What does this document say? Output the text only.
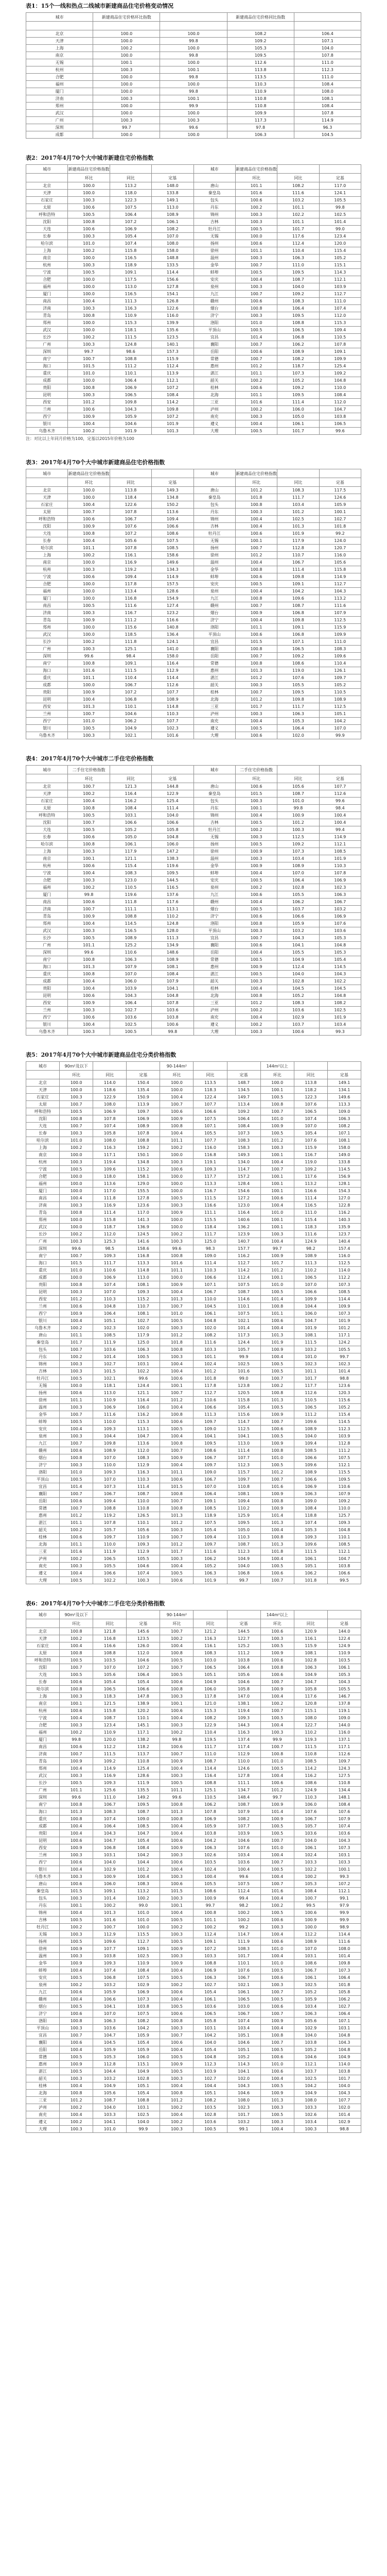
表1：15个一线和热点二线城市新建商品住宅价格变动情况
城市	新建商品住宅价格环比指数		新建商品住宅价格同比指数	

北京	100.0	100.0	108.2	106.4
天津	100.0	99.8	109.2	107.1
上海	100.2	100.0	105.3	104.0
南京	100.0	99.8	109.5	107.8
无锡	100.1	100.0	112.6	111.0
杭州	100.3	100.1	113.8	112.3
合肥	100.0	99.8	113.5	111.0
福州	100.0	100.0	110.3	108.4
厦门	100.0	99.8	110.9	108.0
济南	100.3	100.1	110.8	108.1
郑州	100.0	99.9	110.8	108.4
武汉	100.0	100.0	109.9	107.8
广州	100.3	100.3	117.3	114.9
深圳	99.7	99.6	97.8	96.3
成都	100.0	100.0	106.3	104.5
表2：2017年4月70个大中城市新建住宅价格指数
城市	新建商品住宅价格指数			城市	新建商品住宅价格指数		
	环比	同比	定基		环比	同比	定基
北京	100.0	113.2	148.0	唐山	101.1	108.2	117.0
天津	100.0	118.0	133.8	秦皇岛	101.6	111.6	124.1
石家庄	100.3	122.3	149.1	包头	100.6	103.2	105.5
太原	100.6	107.5	113.0	丹东	100.2	101.1	99.8
呼和浩特	100.5	106.4	108.9	锦州	100.3	102.2	102.5
沈阳	100.8	107.2	106.1	吉林	100.3	101.1	101.4
大连	100.6	106.9	108.2	牡丹江	100.5	101.7	99.0
长春	100.3	105.4	107.0	无锡	100.0	117.6	123.4
哈尔滨	101.0	107.4	108.0	扬州	100.6	112.4	120.0
上海	100.2	115.8	158.0	徐州	101.1	110.4	115.4
南京	100.0	116.5	148.8	温州	100.3	106.3	105.2
杭州	100.3	118.9	133.5	金华	100.7	111.0	115.1
宁波	100.5	109.1	114.4	蚌埠	100.5	109.5	114.3
合肥	100.0	117.5	156.6	安庆	100.4	108.7	112.1
福州	100.0	113.0	127.8	泉州	100.3	104.0	103.9
厦门	100.0	116.5	154.1	九江	100.7	109.2	112.7
南昌	100.4	111.3	126.8	赣州	100.6	108.3	111.0
济南	100.3	116.3	122.6	烟台	100.8	106.4	107.4
青岛	100.8	110.9	116.0	济宁	100.3	109.5	112.0
郑州	100.0	115.3	139.9	洛阳	101.0	108.8	115.3
武汉	100.0	118.1	135.6	平顶山	100.5	106.5	109.4
长沙	100.2	111.5	123.5	宜昌	101.4	106.8	110.5
广州	100.3	124.8	140.1	襄阳	100.7	106.2	107.8
深圳	99.7	98.6	157.3	岳阳	100.6	108.9	109.1
南宁	100.7	108.8	115.9	常德	100.7	108.2	109.9
海口	101.5	111.2	112.4	惠州	101.2	118.7	125.4
重庆	101.0	110.1	113.9	湛江	101.1	107.3	109.2
成都	100.0	106.4	112.1	韶关	100.2	105.2	104.8
贵阳	100.8	106.9	107.2	桂林	100.6	109.2	110.0
昆明	100.3	106.5	108.4	北海	101.1	109.5	108.4
西安	101.2	109.8	114.2	三亚	101.6	111.4	112.0
兰州	100.6	104.3	109.8	泸州	100.2	106.0	104.7
西宁	100.9	105.9	107.2	南充	100.3	105.0	103.8
银川	100.4	104.6	101.9	遵义	100.4	106.1	106.5
乌鲁木齐	100.2	101.9	101.3	大理	100.5	101.7	99.6
注：对比以上年同月价格为100，定基以2015年价格为100
表3：2017年4月70个大中城市新建商品住宅价格指数
城市	新建商品住宅价格指数			城市	新建商品住宅价格指数		
	环比	同比	定基		环比	同比	定基
北京	100.0	113.8	149.3	唐山	101.2	108.3	117.5
天津	100.0	118.4	134.8	秦皇岛	101.8	111.7	124.6
石家庄	100.4	122.6	150.2	包头	100.8	103.4	105.9
太原	100.7	107.8	113.6	丹东	100.3	101.2	100.1
呼和浩特	100.6	106.7	109.4	锦州	100.4	102.5	102.7
沈阳	100.9	107.6	106.6	吉林	100.4	101.3	101.8
大连	100.8	107.2	108.6	牡丹江	100.6	101.9	99.2
长春	100.4	105.6	107.5	无锡	100.1	117.9	124.0
哈尔滨	101.1	107.8	108.5	扬州	100.7	112.8	120.7
上海	100.2	116.1	158.6	徐州	101.2	110.7	116.0
南京	100.0	116.9	149.6	温州	100.4	106.7	105.6
杭州	100.3	119.2	134.3	金华	100.8	111.4	115.8
宁波	100.6	109.4	114.9	蚌埠	100.6	109.8	114.9
合肥	100.0	117.8	157.5	安庆	100.5	109.1	112.7
福州	100.0	113.4	128.6	泉州	100.4	104.2	104.3
厦门	100.0	116.8	154.9	九江	100.8	109.6	113.2
南昌	100.5	111.6	127.4	赣州	100.7	108.7	111.6
济南	100.3	116.7	123.2	烟台	100.9	106.8	107.9
青岛	100.9	111.2	116.6	济宁	100.4	109.8	112.5
郑州	100.0	115.6	140.8	洛阳	101.1	109.1	115.9
武汉	100.0	118.5	136.4	平顶山	100.6	106.8	109.9
长沙	100.2	111.8	124.1	宜昌	101.5	107.1	111.0
广州	100.3	125.1	141.0	襄阳	100.8	106.5	108.3
深圳	99.6	98.4	158.0	岳阳	100.7	109.2	109.6
南宁	100.8	109.1	116.4	常德	100.8	108.6	110.4
海口	101.6	111.5	112.9	惠州	101.3	119.0	126.1
重庆	101.1	110.4	114.4	湛江	101.2	107.6	109.7
成都	100.0	106.7	112.6	韶关	100.3	105.5	105.2
贵阳	100.9	107.2	107.7	桂林	100.7	109.5	110.5
昆明	100.4	106.8	108.9	北海	101.2	109.8	108.9
西安	101.3	110.1	114.8	三亚	101.7	111.7	112.5
兰州	100.7	104.6	110.3	泸州	100.3	106.3	105.1
西宁	101.0	106.2	107.7	南充	100.4	105.3	104.2
银川	100.5	104.9	102.3	遵义	100.5	106.4	107.0
乌鲁木齐	100.3	102.1	101.6	大理	100.6	102.0	99.9
表4：2017年4月70个大中城市二手住宅价格指数
城市	二手住宅价格指数			城市	二手住宅价格指数		
	环比	同比	定基		环比	同比	定基
北京	100.7	121.3	144.8	唐山	100.6	105.6	107.7
天津	100.2	116.4	122.9	秦皇岛	101.5	108.7	112.6
石家庄	100.4	116.2	125.4	包头	100.3	101.0	99.6
太原	100.8	108.4	111.4	丹东	100.1	99.8	98.4
呼和浩特	100.5	103.1	104.0	锦州	100.4	100.9	100.4
沈阳	100.7	106.6	106.6	吉林	100.5	101.2	100.4
大连	100.5	105.2	105.8	牡丹江	100.2	100.3	99.4
长春	100.6	105.0	104.8	无锡	100.3	112.5	114.9
哈尔滨	100.8	106.1	106.0	扬州	100.5	109.2	112.1
上海	100.3	117.9	147.2	徐州	100.9	107.3	108.5
南京	100.1	121.1	138.3	温州	100.3	103.4	101.9
杭州	100.6	115.4	119.6	金华	100.9	108.9	110.3
宁波	100.4	108.3	109.5	蚌埠	100.4	107.0	107.8
合肥	100.3	123.0	144.5	安庆	100.5	106.4	106.9
福州	100.2	110.5	116.5	泉州	100.2	102.8	102.3
厦门	99.8	119.6	137.6	九江	100.6	105.5	106.3
南昌	100.6	111.8	117.6	赣州	100.4	106.2	106.7
济南	100.7	111.1	113.1	烟台	100.5	103.7	103.2
青岛	100.9	108.8	110.2	济宁	100.6	106.6	106.9
郑州	100.4	114.5	124.8	洛阳	100.8	105.9	107.6
武汉	100.3	116.5	128.0	平顶山	100.3	103.2	103.6
长沙	100.5	108.9	111.3	宜昌	100.7	104.3	105.3
广州	101.1	125.2	134.9	襄阳	100.6	104.1	104.8
深圳	99.6	110.6	148.6	岳阳	100.4	105.5	105.3
南宁	100.8	106.3	108.9	常德	100.5	104.9	105.4
海口	101.3	107.9	108.1	惠州	100.9	112.4	114.5
重庆	100.8	107.0	108.4	湛江	100.5	104.0	104.3
成都	100.4	106.0	107.9	韶关	100.3	102.8	102.2
贵阳	100.4	103.9	104.1	桂林	100.4	104.5	104.5
昆明	100.6	104.3	104.8	北海	100.8	105.2	104.8
西安	100.9	106.4	107.8	三亚	101.2	108.3	108.2
兰州	100.3	102.7	103.6	泸州	100.2	103.6	102.5
西宁	100.6	103.6	103.8	南充	100.4	102.9	101.9
银川	100.4	102.5	100.6	遵义	100.2	103.7	103.4
乌鲁木齐	100.3	100.5	99.8	大理	100.3	100.6	99.3
表5：2017年4月70个大中城市新建商品住宅分类价格指数
城市	90m²及以下			90-144m²			144m²以上		
	环比	同比	定基	环比	同比	定基	环比	同比	定基
北京	100.0	114.0	150.4	100.0	113.5	148.7	100.0	113.8	149.1
天津	100.0	118.6	135.4	100.0	118.3	134.5	100.1	118.2	134.1
石家庄	100.3	122.9	150.9	100.4	122.4	149.7	100.5	122.3	149.6
太原	100.7	108.0	113.9	100.7	107.7	113.4	100.8	107.6	113.3
呼和浩特	100.5	106.9	109.7	100.6	106.6	109.2	100.7	106.5	109.0
沈阳	100.8	107.8	106.9	100.9	107.5	106.4	101.0	107.4	106.3
大连	100.7	107.4	108.9	100.8	107.1	108.4	100.9	107.0	108.2
长春	100.3	105.8	107.8	100.4	105.5	107.3	100.5	105.4	107.1
哈尔滨	101.0	108.0	108.8	101.1	107.7	108.3	101.2	107.6	108.1
上海	100.2	116.3	159.2	100.2	116.0	158.3	100.3	115.9	158.0
南京	100.0	117.1	150.1	100.0	116.8	149.3	100.1	116.7	149.0
杭州	100.3	119.4	134.8	100.3	119.1	134.0	100.4	119.0	133.8
宁波	100.5	109.6	115.2	100.6	109.3	114.7	100.7	109.2	114.5
合肥	100.0	118.0	158.1	100.0	117.7	157.2	100.1	117.6	156.9
福州	100.0	113.6	129.0	100.0	113.3	128.4	100.1	113.2	128.1
厦门	100.0	117.0	155.5	100.0	116.7	154.6	100.1	116.6	154.3
南昌	100.4	111.8	127.8	100.5	111.5	127.2	100.6	111.4	127.0
济南	100.3	116.9	123.6	100.3	116.6	123.0	100.4	116.5	122.8
青岛	100.8	111.4	117.0	100.9	111.1	116.4	101.0	111.0	116.2
郑州	100.0	115.8	141.3	100.0	115.5	140.6	100.1	115.4	140.3
武汉	100.0	118.7	136.9	100.0	118.4	136.2	100.1	118.3	135.9
长沙	100.2	112.0	124.5	100.2	111.7	123.9	100.3	111.6	123.7
广州	100.3	125.3	141.6	100.3	125.0	140.7	100.4	124.9	140.4
深圳	99.6	98.5	158.6	99.6	98.3	157.7	99.7	98.2	157.4
南宁	100.7	109.3	116.8	100.8	109.0	116.2	100.9	108.9	116.0
海口	101.5	111.7	113.3	101.6	111.4	112.7	101.7	111.3	112.5
重庆	101.0	110.6	114.8	101.1	110.3	114.2	101.2	110.2	114.0
成都	100.0	106.9	113.0	100.0	106.6	112.4	100.1	106.5	112.2
贵阳	100.8	107.4	108.1	100.9	107.1	107.5	101.0	107.0	107.3
昆明	100.3	107.0	109.3	100.4	106.7	108.7	100.5	106.6	108.5
西安	101.2	110.3	115.2	101.3	110.0	114.6	101.4	109.9	114.4
兰州	100.6	104.8	110.7	100.7	104.5	110.1	100.8	104.4	109.9
西宁	100.9	106.4	108.1	101.0	106.1	107.5	101.1	106.0	107.3
银川	100.4	105.1	102.7	100.5	104.8	102.1	100.6	104.7	101.9
乌鲁木齐	100.2	102.3	102.0	100.3	102.0	101.4	100.4	101.9	101.2
唐山	101.1	108.5	117.9	101.2	108.2	117.3	101.3	108.1	117.1
秦皇岛	101.7	111.9	125.0	101.8	111.6	124.4	101.9	111.5	124.2
包头	100.7	103.6	106.3	100.8	103.3	105.7	100.9	103.2	105.5
丹东	100.2	101.4	100.5	100.3	101.1	99.9	100.4	101.0	99.7
锦州	100.3	102.7	103.1	100.4	102.4	102.5	100.5	102.3	102.3
吉林	100.3	101.5	102.2	100.4	101.2	101.6	100.5	101.1	101.4
牡丹江	100.5	102.1	99.6	100.6	101.8	99.0	100.7	101.7	98.8
无锡	100.0	118.1	124.4	100.1	117.8	123.8	100.2	117.7	123.6
扬州	100.6	113.0	121.1	100.7	112.7	120.5	100.8	112.6	120.3
徐州	101.1	110.9	116.4	101.2	110.6	115.8	101.3	110.5	115.6
温州	100.3	106.9	106.0	100.4	106.6	105.4	100.5	106.5	105.2
金华	100.7	111.6	116.2	100.8	111.3	115.6	100.9	111.2	115.4
蚌埠	100.5	110.0	115.3	100.6	109.7	114.7	100.7	109.6	114.5
安庆	100.4	109.3	113.1	100.5	109.0	112.5	100.6	108.9	112.3
泉州	100.3	104.4	104.7	100.4	104.1	104.1	100.5	104.0	103.9
九江	100.7	109.8	113.6	100.8	109.5	113.0	100.9	109.4	112.8
赣州	100.6	108.9	112.0	100.7	108.6	111.4	100.8	108.5	111.2
烟台	100.8	107.0	108.3	100.9	106.7	107.7	101.0	106.6	107.5
济宁	100.3	110.0	112.9	100.4	109.7	112.3	100.5	109.6	112.1
洛阳	101.0	109.3	116.3	101.1	109.0	115.7	101.2	108.9	115.5
平顶山	100.5	107.0	110.3	100.6	106.7	109.7	100.7	106.6	109.5
宜昌	101.4	107.3	111.4	101.5	107.0	110.8	101.6	106.9	110.6
襄阳	100.7	106.7	108.7	100.8	106.4	108.1	100.9	106.3	107.9
岳阳	100.6	109.4	110.0	100.7	109.1	109.4	100.8	109.0	109.2
常德	100.7	108.8	110.8	100.8	108.5	110.2	100.9	108.4	110.0
惠州	101.2	119.2	126.5	101.3	118.9	125.9	101.4	118.8	125.7
湛江	101.1	107.8	110.1	101.2	107.5	109.5	101.3	107.4	109.3
韶关	100.2	105.7	105.6	100.3	105.4	105.0	100.4	105.3	104.8
桂林	100.6	109.7	110.9	100.7	109.4	110.3	100.8	109.3	110.1
北海	101.1	110.0	109.3	101.2	109.7	108.7	101.3	109.6	108.5
三亚	101.6	111.9	112.9	101.7	111.6	112.3	101.8	111.5	112.1
泸州	100.2	106.5	105.5	100.3	106.2	104.9	100.4	106.1	104.7
南充	100.3	105.5	104.6	100.4	105.2	104.0	100.5	105.1	103.8
遵义	100.4	106.6	107.4	100.5	106.3	106.8	100.6	106.2	106.6
大理	100.5	102.2	100.3	100.6	101.9	99.7	100.7	101.8	99.5
表6：2017年4月70个大中城市二手住宅分类价格指数
城市	90m²及以下			90-144m²			144m²以上		
	环比	同比	定基	环比	同比	定基	环比	同比	定基
北京	100.8	121.8	145.6	100.7	121.2	144.5	100.6	120.9	144.0
天津	100.2	116.8	123.5	100.2	116.3	122.7	100.3	116.1	122.4
石家庄	100.4	116.6	126.0	100.4	116.1	125.2	100.5	115.9	124.9
太原	100.8	108.8	112.0	100.8	108.3	111.2	100.9	108.1	110.9
呼和浩特	100.5	103.5	104.6	100.5	103.0	103.8	100.6	102.8	103.5
沈阳	100.7	107.0	107.2	100.7	106.5	106.4	100.8	106.3	106.1
大连	100.5	105.6	106.4	100.5	105.1	105.6	100.6	104.9	105.3
长春	100.6	105.4	105.4	100.6	104.9	104.6	100.7	104.7	104.3
哈尔滨	100.8	106.5	106.6	100.8	106.0	105.8	100.9	105.8	105.5
上海	100.3	118.3	147.8	100.3	117.8	147.0	100.4	117.6	146.7
南京	100.1	121.5	138.9	100.1	121.0	138.1	100.2	120.8	137.8
杭州	100.6	115.8	120.2	100.6	115.3	119.4	100.7	115.1	119.1
宁波	100.4	108.7	110.1	100.4	108.2	109.3	100.5	108.0	109.0
合肥	100.3	123.4	145.1	100.3	122.9	144.3	100.4	122.7	144.0
福州	100.2	110.9	117.1	100.2	110.4	116.3	100.3	110.2	116.0
厦门	99.8	120.0	138.2	99.8	119.5	137.4	99.9	119.3	137.1
南昌	100.6	112.2	118.2	100.6	111.7	117.4	100.7	111.5	117.1
济南	100.7	111.5	113.7	100.7	111.0	112.9	100.8	110.8	112.6
青岛	100.9	109.2	110.8	100.9	108.7	110.0	101.0	108.5	109.7
郑州	100.4	114.9	125.4	100.4	114.4	124.6	100.5	114.2	124.3
武汉	100.3	116.9	128.6	100.3	116.4	127.8	100.4	116.2	127.5
长沙	100.5	109.3	111.9	100.5	108.8	111.1	100.6	108.6	110.8
广州	101.1	125.6	135.5	101.1	125.1	134.7	101.2	124.9	134.4
深圳	99.6	111.0	149.2	99.6	110.5	148.4	99.7	110.3	148.1
南宁	100.8	106.7	109.5	100.8	106.2	108.7	100.9	106.0	108.4
海口	101.3	108.3	108.7	101.3	107.8	107.9	101.4	107.6	107.6
重庆	100.8	107.4	109.0	100.8	106.9	108.2	100.9	106.7	107.9
成都	100.4	106.4	108.5	100.4	105.9	107.7	100.5	105.7	107.4
贵阳	100.4	104.3	104.7	100.4	103.8	103.9	100.5	103.6	103.6
昆明	100.6	104.7	105.4	100.6	104.2	104.6	100.7	104.0	104.3
西安	100.9	106.8	108.4	100.9	106.3	107.6	101.0	106.1	107.3
兰州	100.3	103.1	104.2	100.3	102.6	103.4	100.4	102.4	103.1
西宁	100.6	104.0	104.4	100.6	103.5	103.6	100.7	103.3	103.3
银川	100.4	102.9	101.2	100.4	102.4	100.4	100.5	102.2	100.1
乌鲁木齐	100.3	100.9	100.4	100.3	100.4	99.6	100.4	100.2	99.3
唐山	100.6	106.0	108.3	100.6	105.5	107.5	100.7	105.3	107.2
秦皇岛	101.5	109.1	113.2	101.5	108.6	112.4	101.6	108.4	112.1
包头	100.3	101.4	100.2	100.3	100.9	99.4	100.4	100.7	99.1
丹东	100.1	100.2	99.0	100.1	99.7	98.2	100.2	99.5	97.9
锦州	100.4	101.3	101.0	100.4	100.8	100.2	100.5	100.6	99.9
吉林	100.5	101.6	101.0	100.5	101.1	100.2	100.6	100.9	99.9
牡丹江	100.2	100.7	100.0	100.2	100.2	99.2	100.3	100.0	98.9
无锡	100.3	112.9	115.5	100.3	112.4	114.7	100.4	112.2	114.4
扬州	100.5	109.6	112.7	100.5	109.1	111.9	100.6	108.9	111.6
徐州	100.9	107.7	109.1	100.9	107.2	108.3	101.0	107.0	108.0
温州	100.3	103.8	102.5	100.3	103.3	101.7	100.4	103.1	101.4
金华	100.9	109.3	110.9	100.9	108.8	110.1	101.0	108.6	109.8
蚌埠	100.4	107.4	108.4	100.4	106.9	107.6	100.5	106.7	107.3
安庆	100.5	106.8	107.5	100.5	106.3	106.7	100.6	106.1	106.4
泉州	100.2	103.2	102.9	100.2	102.7	102.1	100.3	102.5	101.8
九江	100.6	105.9	106.9	100.6	105.4	106.1	100.7	105.2	105.8
赣州	100.4	106.6	107.3	100.4	106.1	106.5	100.5	105.9	106.2
烟台	100.5	104.1	103.8	100.5	103.6	103.0	100.6	103.4	102.7
济宁	100.6	107.0	107.5	100.6	106.5	106.7	100.7	106.3	106.4
洛阳	100.8	106.3	108.2	100.8	105.8	107.4	100.9	105.6	107.1
平顶山	100.3	103.6	104.2	100.3	103.1	103.4	100.4	102.9	103.1
宜昌	100.7	104.7	105.9	100.7	104.2	105.1	100.8	104.0	104.8
襄阳	100.6	104.5	105.4	100.6	104.0	104.6	100.7	103.8	104.3
岳阳	100.4	105.9	105.9	100.4	105.4	105.1	100.5	105.2	104.8
常德	100.5	105.3	106.0	100.5	104.8	105.2	100.6	104.6	104.9
惠州	100.9	112.8	115.1	100.9	112.3	114.3	101.0	112.1	114.0
湛江	100.5	104.4	104.9	100.5	103.9	104.1	100.6	103.7	103.8
韶关	100.3	103.2	102.8	100.3	102.7	102.0	100.4	102.5	101.7
桂林	100.4	104.9	105.1	100.4	104.4	104.3	100.5	104.2	104.0
北海	100.8	105.6	105.4	100.8	105.1	104.6	100.9	104.9	104.3
三亚	101.2	108.7	108.8	101.2	108.2	108.0	101.3	108.0	107.7
泸州	100.2	104.0	103.1	100.2	103.5	102.3	100.3	103.3	102.0
南充	100.4	103.3	102.5	100.4	102.8	101.7	100.5	102.6	101.4
遵义	100.2	104.1	104.0	100.2	103.6	103.2	100.3	103.4	102.9
大理	100.3	101.0	99.9	100.3	100.5	99.1	100.4	100.3	98.8
